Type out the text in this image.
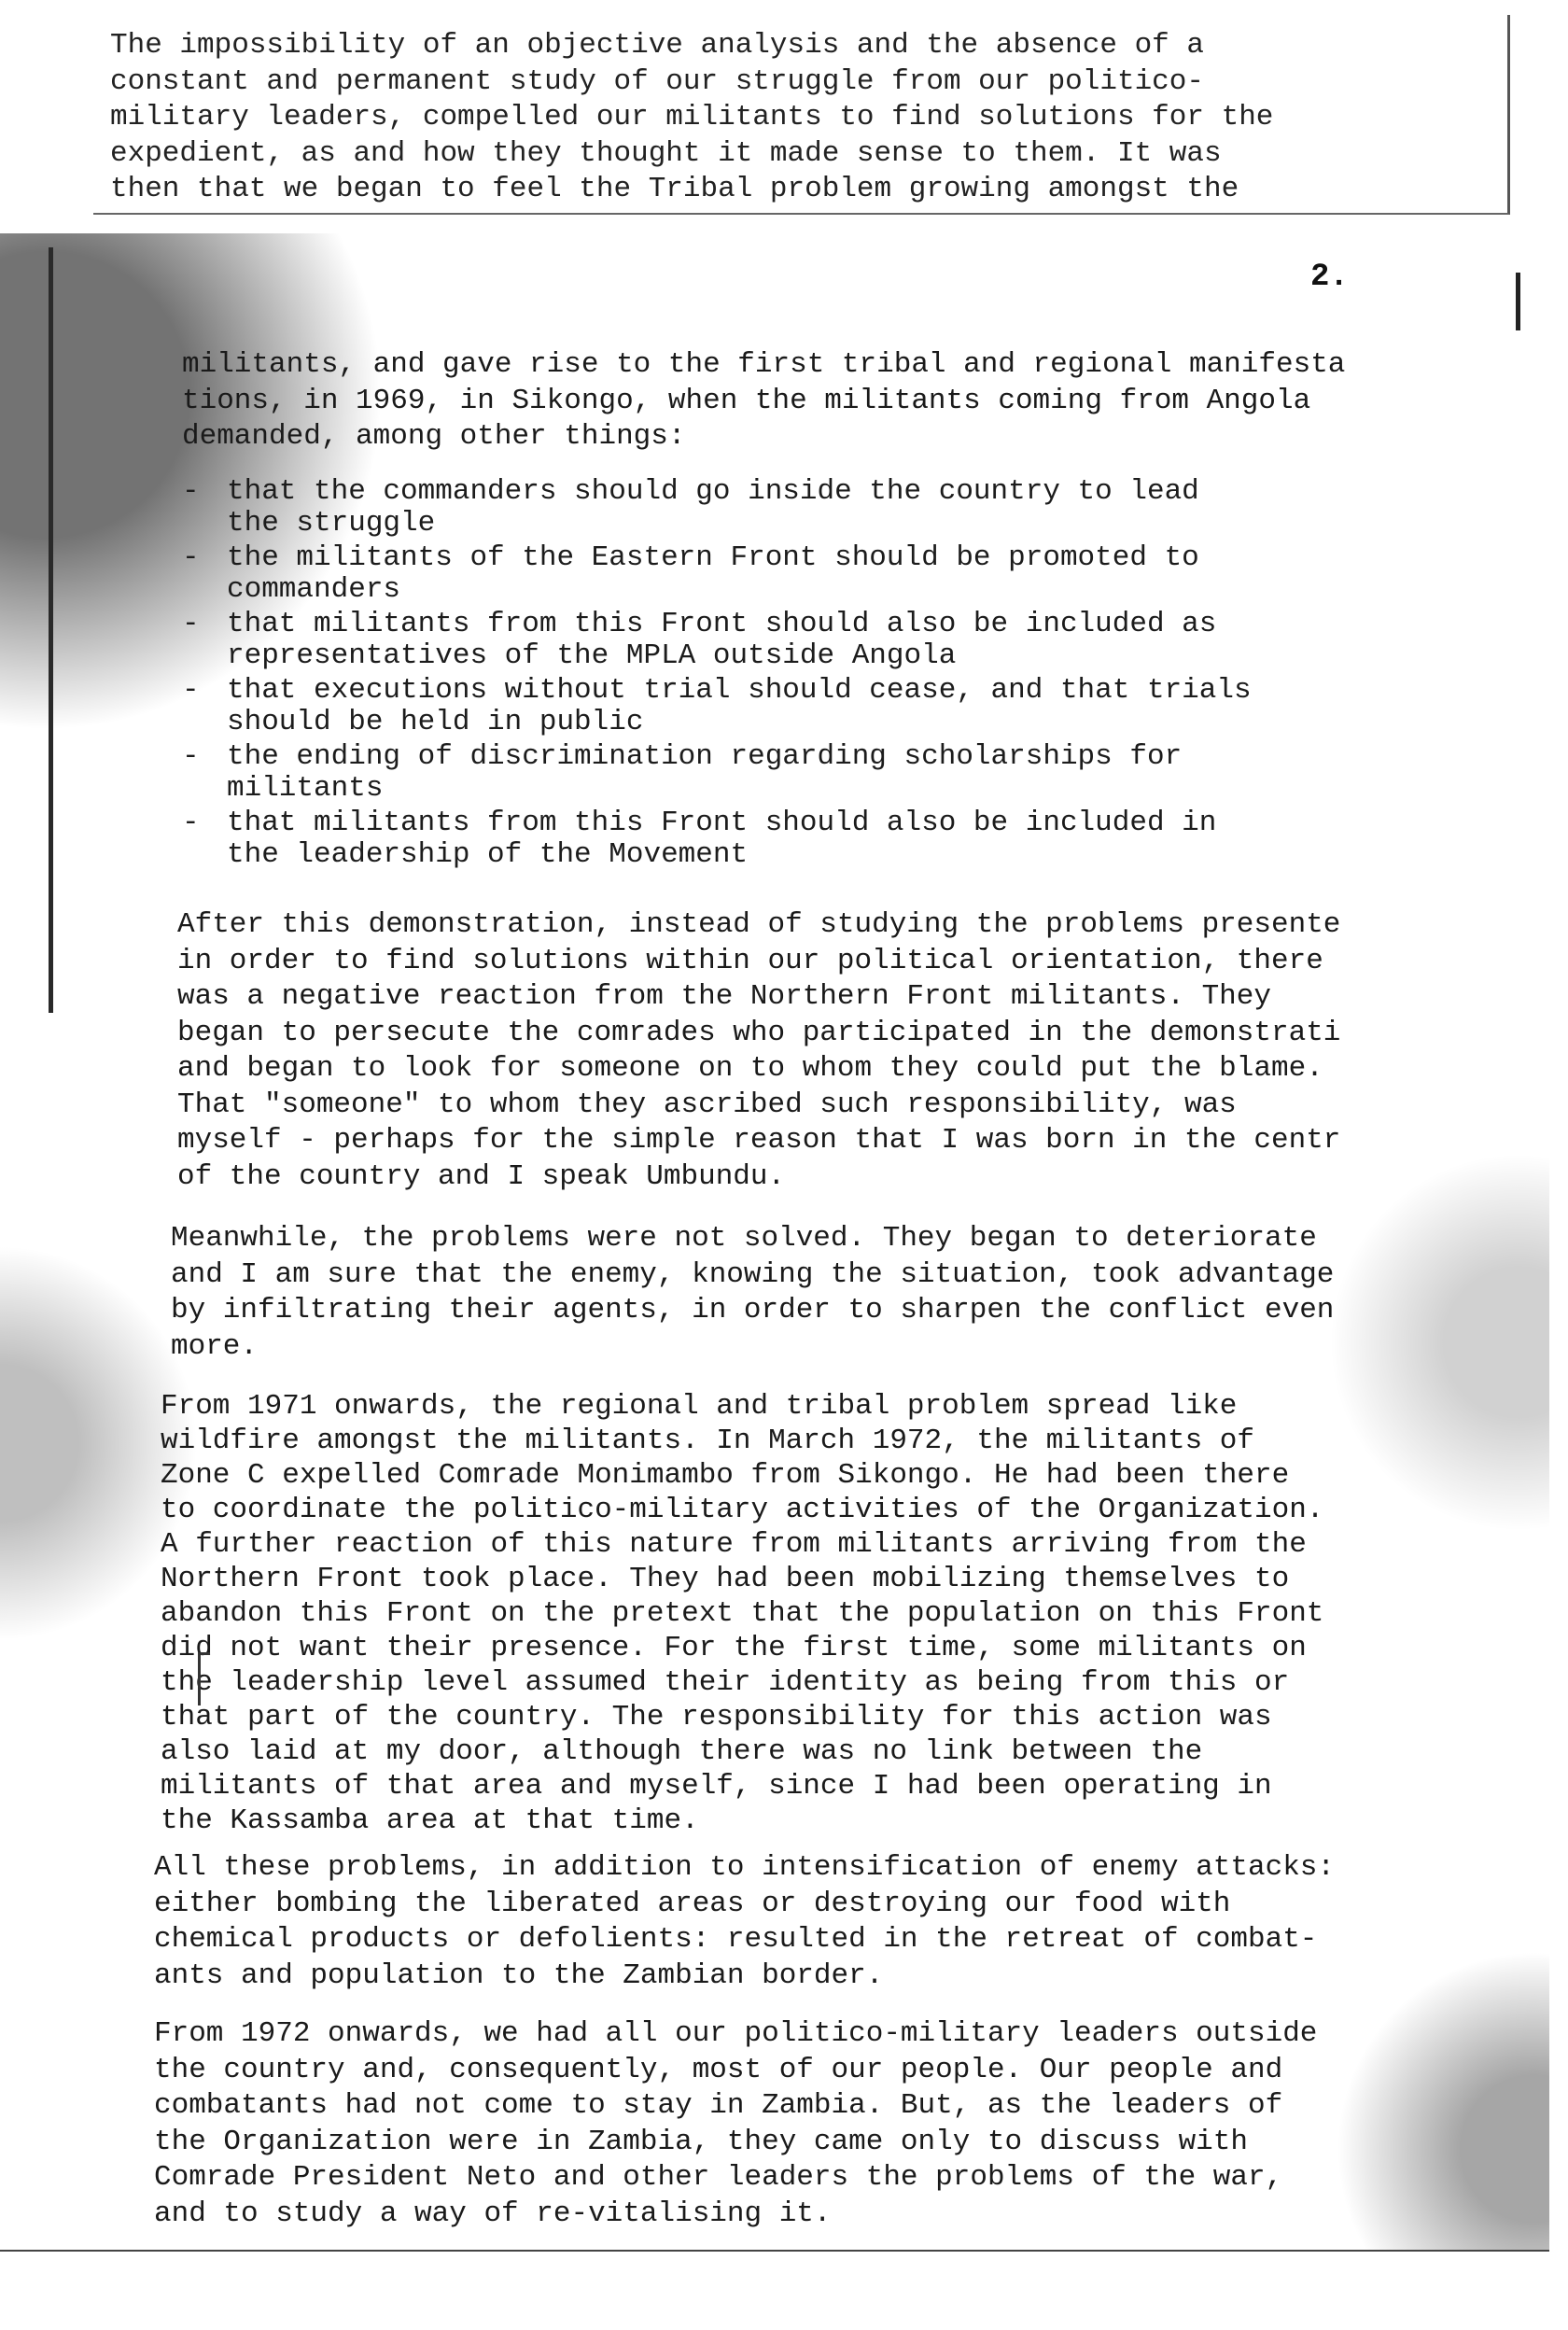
The impossibility of an objective analysis and the absence of a
constant and permanent study of our struggle from our politico-
military leaders, compelled our militants to find solutions for the
expedient, as and how they thought it made sense to them. It was
then that we began to feel the Tribal problem growing amongst the

2.

militants, and gave rise to the first tribal and regional manifesta
tions, in 1969, in Sikongo, when the militants coming from Angola
demanded, among other things:

- that the commanders should go inside the country to lead
the struggle
- the militants of the Eastern Front should be promoted to
commanders
- that militants from this Front should also be included as
representatives of the MPLA outside Angola
- that executions without trial should cease, and that trials
should be held in public
- the ending of discrimination regarding scholarships for
militants
- that militants from this Front should also be included in
the leadership of the Movement

After this demonstration, instead of studying the problems presente
in order to find solutions within our political orientation, there
was a negative reaction from the Northern Front militants. They
began to persecute the comrades who participated in the demonstrati
and began to look for someone on to whom they could put the blame.
That "someone" to whom they ascribed such responsibility, was
myself - perhaps for the simple reason that I was born in the centr
of the country and I speak Umbundu.

Meanwhile, the problems were not solved. They began to deteriorate
and I am sure that the enemy, knowing the situation, took advantage
by infiltrating their agents, in order to sharpen the conflict even
more.

From 1971 onwards, the regional and tribal problem spread like
wildfire amongst the militants. In March 1972, the militants of
Zone C expelled Comrade Monimambo from Sikongo. He had been there
to coordinate the politico-military activities of the Organization.
A further reaction of this nature from militants arriving from the
Northern Front took place. They had been mobilizing themselves to
abandon this Front on the pretext that the population on this Front
did not want their presence. For the first time, some militants on
the leadership level assumed their identity as being from this or
that part of the country. The responsibility for this action was
also laid at my door, although there was no link between the
militants of that area and myself, since I had been operating in
the Kassamba area at that time.

All these problems, in addition to intensification of enemy attacks:
either bombing the liberated areas or destroying our food with
chemical products or defolients: resulted in the retreat of combat-
ants and population to the Zambian border.

From 1972 onwards, we had all our politico-military leaders outside
the country and, consequently, most of our people. Our people and
combatants had not come to stay in Zambia. But, as the leaders of
the Organization were in Zambia, they came only to discuss with
Comrade President Neto and other leaders the problems of the war,
and to study a way of re-vitalising it.
